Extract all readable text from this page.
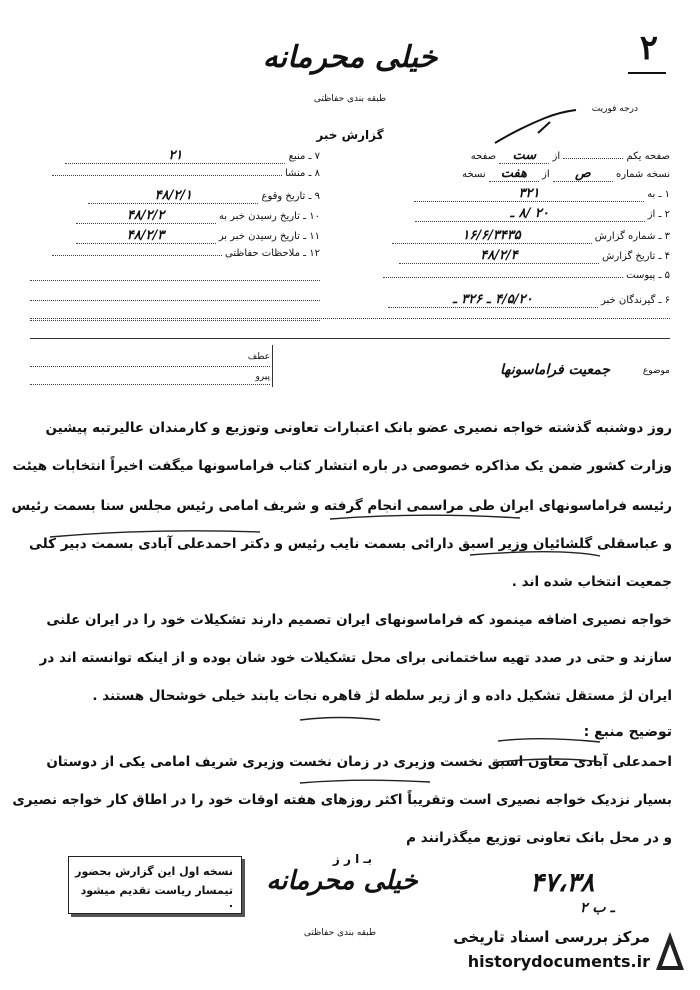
۲
خیلی محرمانه
طبقه بندی حفاظتی
درجه فوریت
گزارش خبر
صفحه یکم  از ست صفحه
نسخه شماره ص از هفت نسخه
۱ ـ به ۳۲۱
۲ ـ از ۲۰ /۸ ـ
۳ ـ شماره گزارش ۱۶/۶/۳۴۳۵
۴ ـ تاریخ گزارش ۴۸/۲/۴
۵ ـ پیوست
۶ ـ گیرندگان خبر ۴/۵/۲۰ ـ ۳۲۶ ـ
۷ ـ منبع ۲۱
۸ ـ منشا
۹ ـ تاریخ وقوع ۴۸/۲/۱
۱۰ ـ تاریخ رسیدن خبر به ۴۸/۲/۲
۱۱ ـ تاریخ رسیدن خبر بر ۴۸/۲/۳
۱۲ ـ ملاحظات حفاظتی
عطف
پیرو
موضوع
جمعیت فراماسونها
روز دوشنبه گذشته خواجه نصیری عضو بانک اعتبارات تعاونی وتوزیع و کارمندان عالیرتبه پیشین
وزارت کشور ضمن یک مذاکره خصوصی در باره انتشار کتاب فراماسونها میگفت اخیراً انتخابات هیئت
رئیسه فراماسونهای ایران طی مراسمی انجام گرفته و شریف امامی رئیس مجلس سنا بسمت رئیس
و عباسقلی گلشائیان وزیر اسبق دارائی بسمت نایب رئیس و دکتر احمدعلی آبادی بسمت دبیر کلی
جمعیت انتخاب شده اند .
خواجه نصیری اضافه مینمود که فراماسونهای ایران تصمیم دارند تشکیلات خود را در ایران علنی
سازند و حتی در صدد تهیه ساختمانی برای محل تشکیلات خود شان بوده و از اینکه توانسته اند در
ایران لژ مستقل تشکیل داده و از زیر سلطه لژ قاهره نجات یابند خیلی خوشحال هستند .
توضیح منبع :
احمدعلی آبادی معاون اسبق نخست وزیری در زمان نخست وزیری شریف امامی یکی از دوستان
بسیار نزدیک خواجه نصیری است وتقریباً اکثر روزهای هفته اوقات خود را در اطاق کار خواجه نصیری
و در محل بانک تعاونی توزیع میگذرانند م
بـ ا ر ز
نسخه اول این گزارش بحضور
تیمسار ریاست تقدیم میشود .
خیلی محرمانه
طبقه بندی حفاظتی
۴۷،۳۸
۲ ـ ب
مرکز بررسی اسناد تاریخی
historydocuments.ir
